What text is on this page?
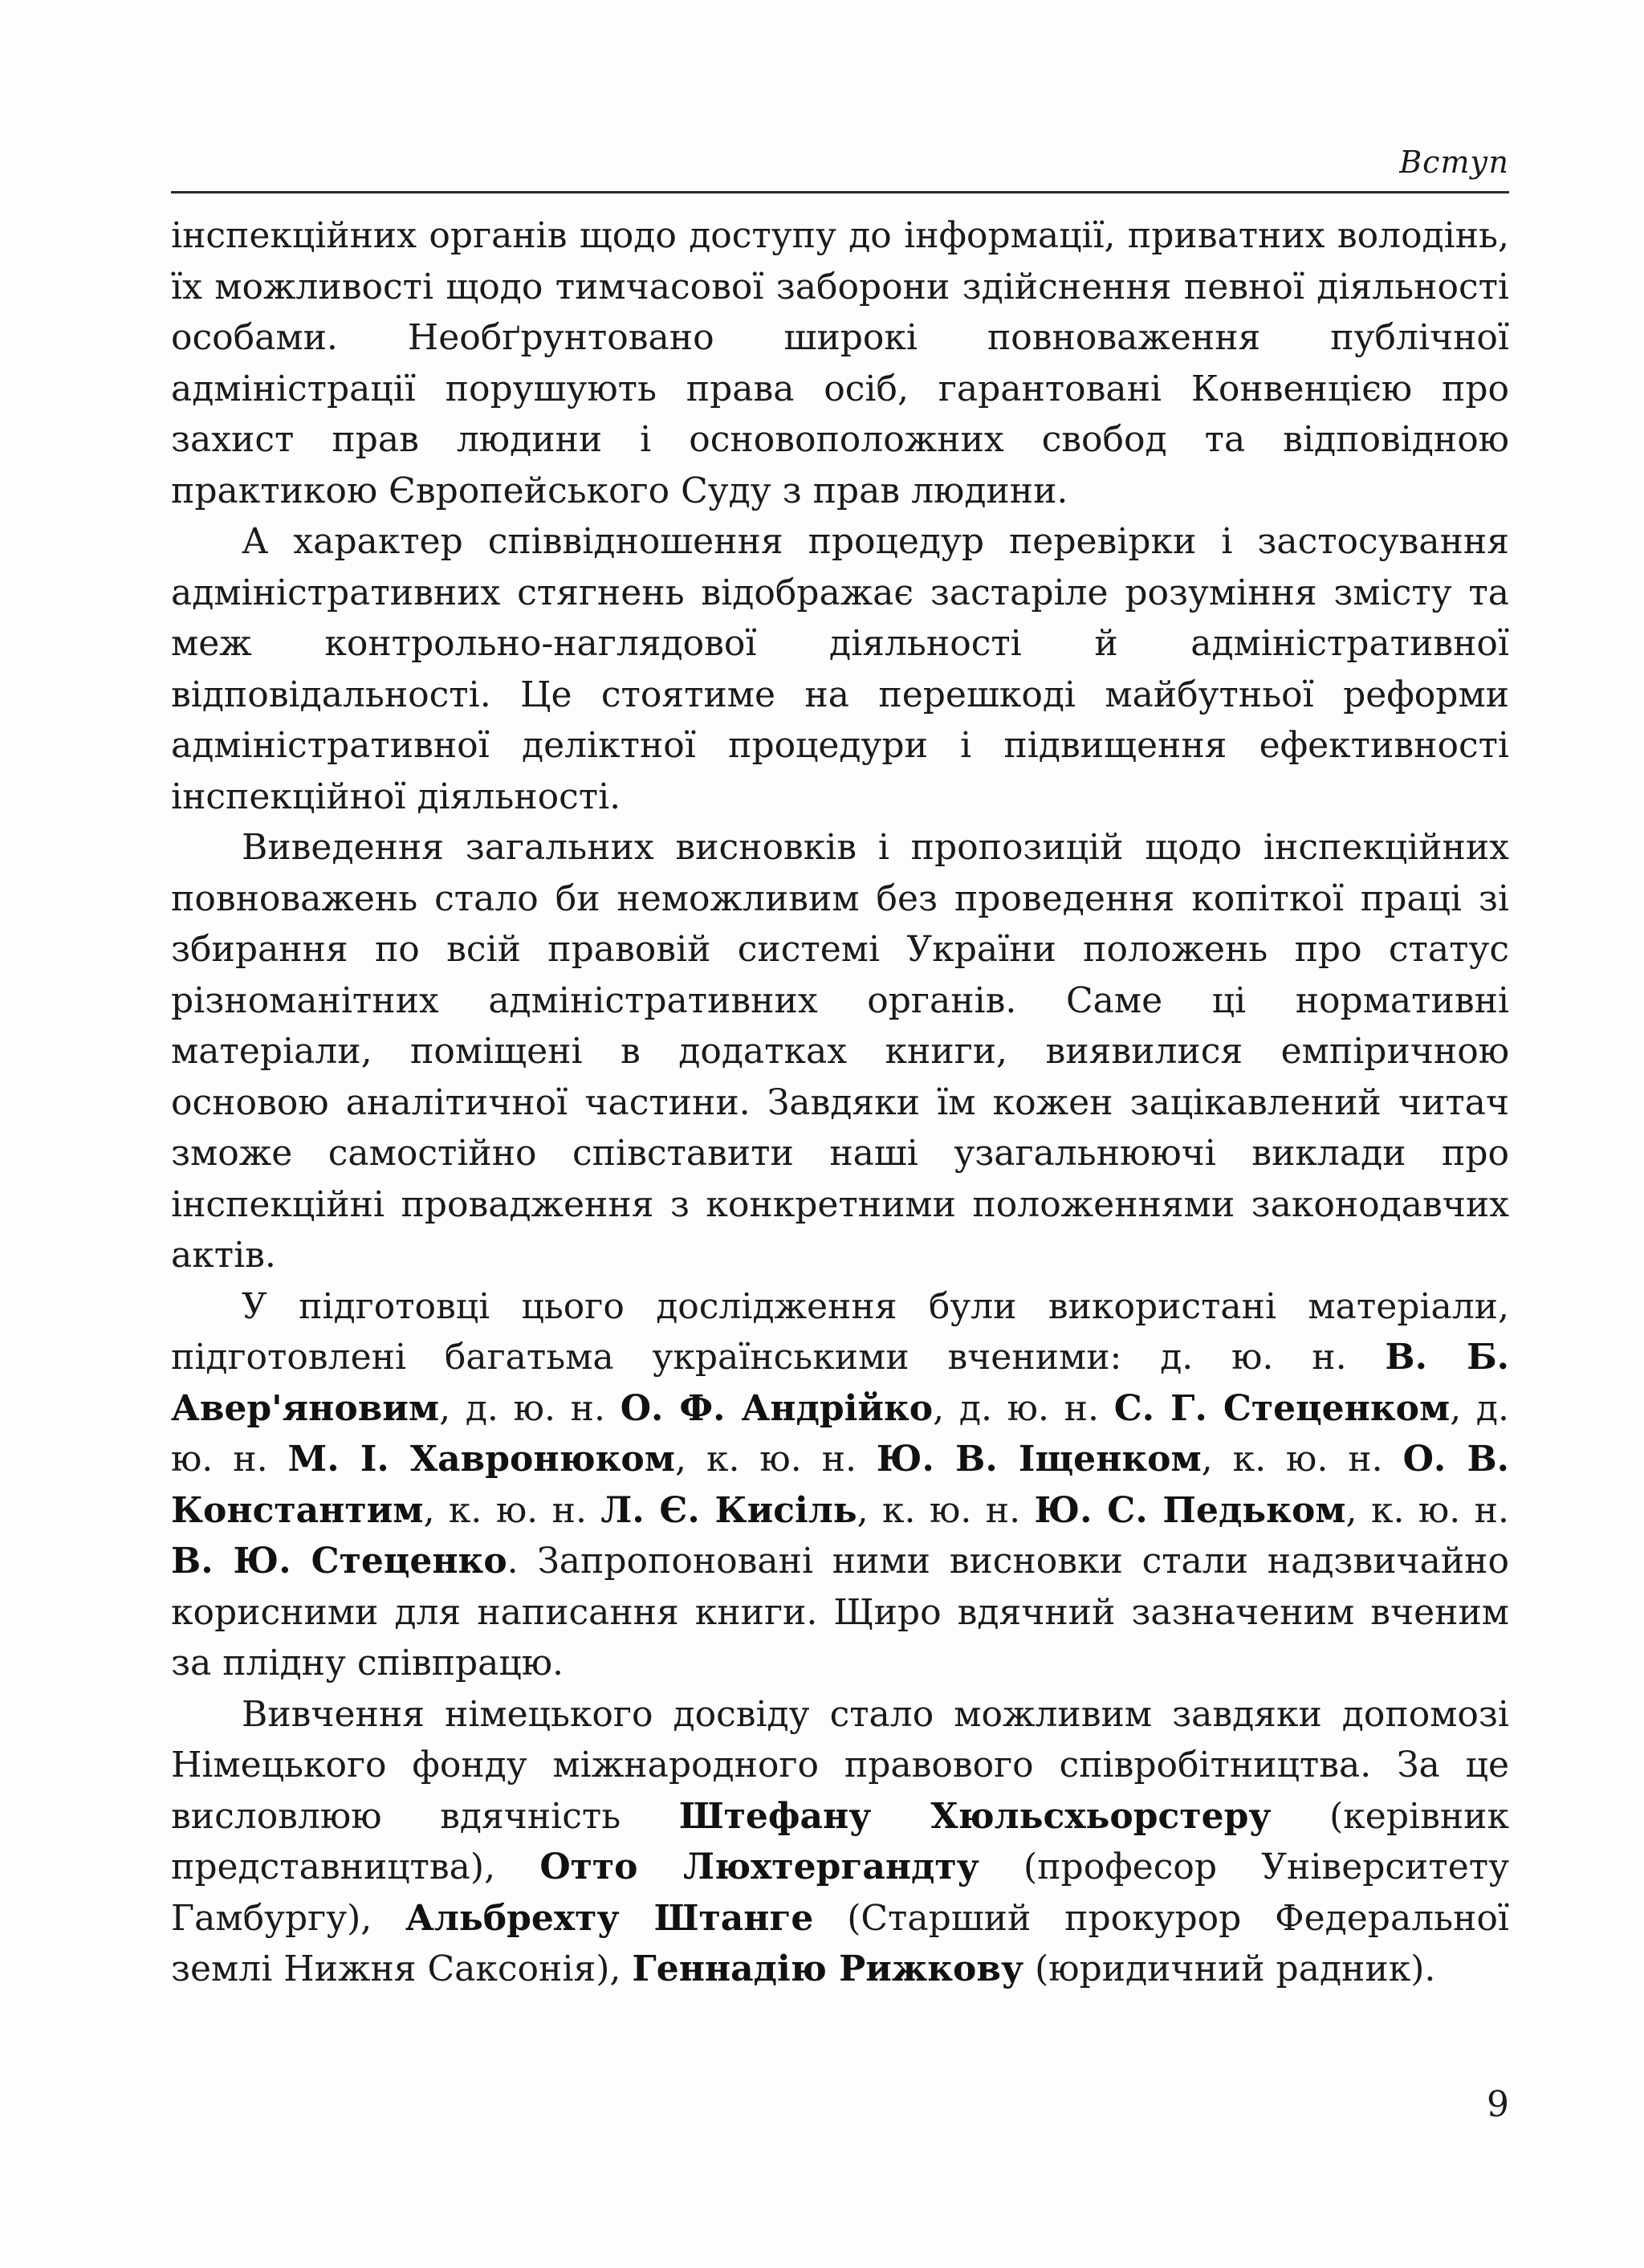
Вступ

інспекційних органів щодо доступу до інформації, приватних володінь, їх можливості щодо тимчасової заборони здійснення певної діяльності особами. Необґрунтовано широкі повноваження публічної адміністрації порушують права осіб, гарантовані Конвенцією про захист прав людини і основоположних свобод та відповідною практикою Європейського Суду з прав людини.

А характер співвідношення процедур перевірки і застосування адміністративних стягнень відображає застаріле розуміння змісту та меж контрольно-наглядової діяльності й адміністративної відповідальності. Це стоятиме на перешкоді майбутньої реформи адміністративної деліктної процедури і підвищення ефективності інспекційної діяльності.

Виведення загальних висновків і пропозицій щодо інспекційних повноважень стало би неможливим без проведення копіткої праці зі збирання по всій правовій системі України положень про статус різноманітних адміністративних органів. Саме ці нормативні матеріали, поміщені в додатках книги, виявилися емпіричною основою аналітичної частини. Завдяки їм кожен зацікавлений читач зможе самостійно співставити наші узагальнюючі виклади про інспекційні провадження з конкретними положеннями законодавчих актів.

У підготовці цього дослідження були використані матеріали, підготовлені багатьма українськими вченими: д. ю. н. В. Б. Авер'яновим, д. ю. н. О. Ф. Андрійко, д. ю. н. С. Г. Стеценком, д. ю. н. М. І. Хавронюком, к. ю. н. Ю. В. Іщенком, к. ю. н. О. В. Константим, к. ю. н. Л. Є. Кисіль, к. ю. н. Ю. С. Педьком, к. ю. н. В. Ю. Стеценко. Запропоновані ними висновки стали надзвичайно корисними для написання книги. Щиро вдячний зазначеним вченим за плідну співпрацю.

Вивчення німецького досвіду стало можливим завдяки допомозі Німецького фонду міжнародного правового співробітництва. За це висловлюю вдячність Штефану Хюльсхьорстеру (керівник представництва), Отто Люхтергандту (професор Університету Гамбургу), Альбрехту Штанге (Старший прокурор Федеральної землі Нижня Саксонія), Геннадію Рижкову (юридичний радник).

9
